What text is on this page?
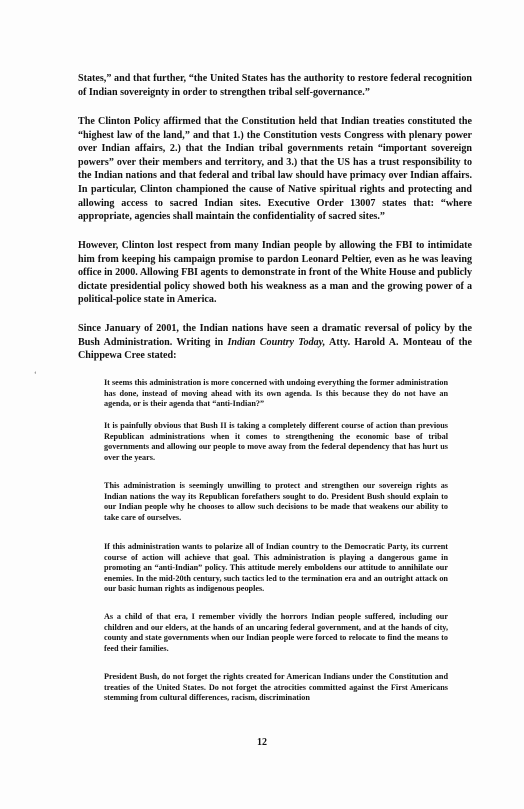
States,” and that further, “the United States has the authority to restore federal recognition of Indian sovereignty in order to strengthen tribal self-governance.”

The Clinton Policy affirmed that the Constitution held that Indian treaties constituted the “highest law of the land,” and that 1.) the Constitution vests Congress with plenary power over Indian affairs, 2.) that the Indian tribal governments retain “important sovereign powers” over their members and territory, and 3.) that the US has a trust responsibility to the Indian nations and that federal and tribal law should have primacy over Indian affairs. In particular, Clinton championed the cause of Native spiritual rights and protecting and allowing access to sacred Indian sites. Executive Order 13007 states that: “where appropriate, agencies shall maintain the confidentiality of sacred sites.”

However, Clinton lost respect from many Indian people by allowing the FBI to intimidate him from keeping his campaign promise to pardon Leonard Peltier, even as he was leaving office in 2000. Allowing FBI agents to demonstrate in front of the White House and publicly dictate presidential policy showed both his weakness as a man and the growing power of a political-police state in America.

Since January of 2001, the Indian nations have seen a dramatic reversal of policy by the Bush Administration. Writing in Indian Country Today, Atty. Harold A. Monteau of the Chippewa Cree stated:

‘

It seems this administration is more concerned with undoing everything the former administration has done, instead of moving ahead with its own agenda. Is this because they do not have an agenda, or is their agenda that “anti-Indian?”

It is painfully obvious that Bush II is taking a completely different course of action than previous Republican administrations when it comes to strengthening the economic base of tribal governments and allowing our people to move away from the federal dependency that has hurt us over the years.

This administration is seemingly unwilling to protect and strengthen our sovereign rights as Indian nations the way its Republican forefathers sought to do. President Bush should explain to our Indian people why he chooses to allow such decisions to be made that weakens our ability to take care of ourselves.

If this administration wants to polarize all of Indian country to the Democratic Party, its current course of action will achieve that goal. This administration is playing a dangerous game in promoting an “anti-Indian” policy. This attitude merely emboldens our attitude to annihilate our enemies. In the mid-20th century, such tactics led to the termination era and an outright attack on our basic human rights as indigenous peoples.

As a child of that era, I remember vividly the horrors Indian people suffered, including our children and our elders, at the hands of an uncaring federal government, and at the hands of city, county and state governments when our Indian people were forced to relocate to find the means to feed their families.

President Bush, do not forget the rights created for American Indians under the Constitution and treaties of the United States. Do not forget the atrocities committed against the First Americans stemming from cultural differences, racism, discrimination

12
